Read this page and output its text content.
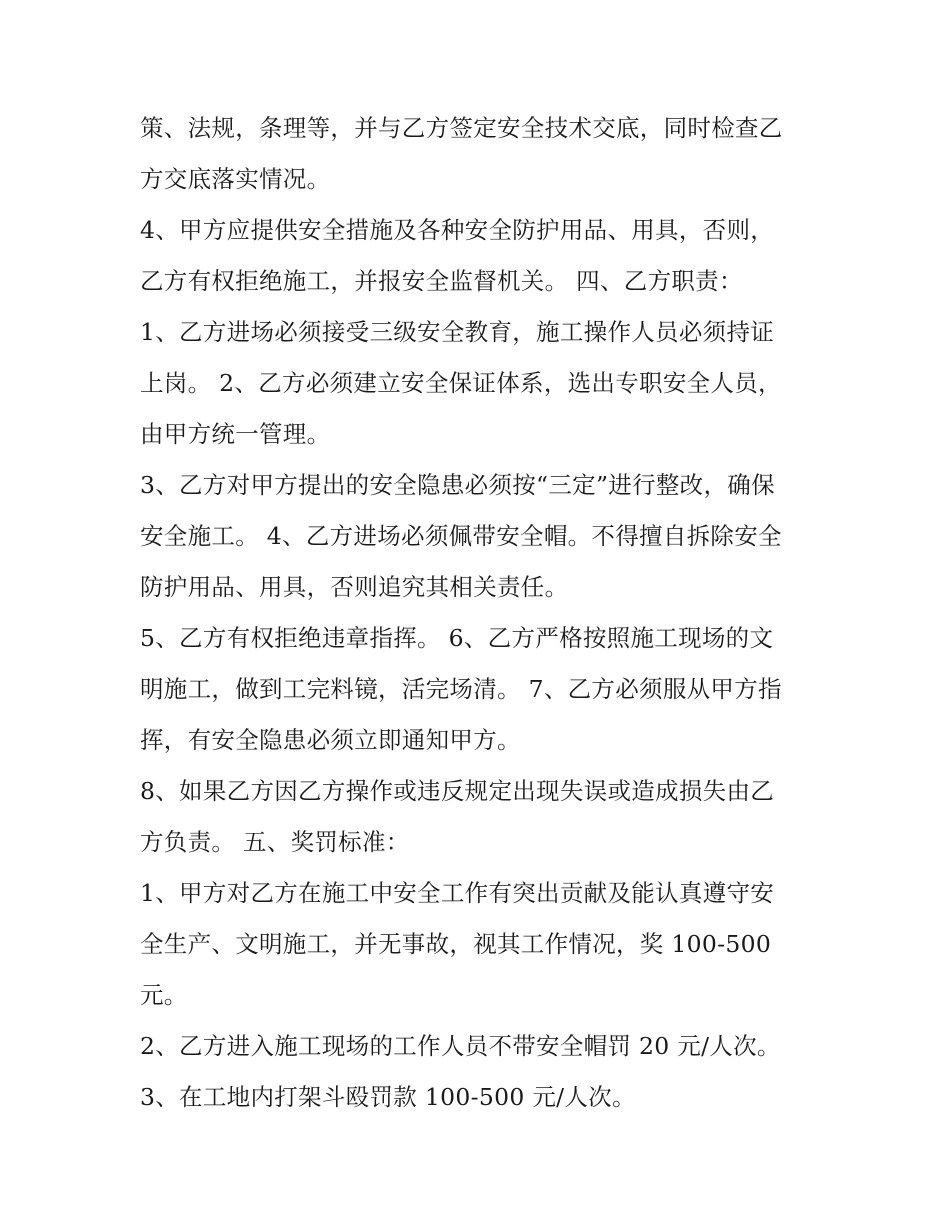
策、法规，条理等，并与乙方签定安全技术交底，同时检查乙
方交底落实情况。
4、甲方应提供安全措施及各种安全防护用品、用具，否则，
乙方有权拒绝施工，并报安全监督机关。 四、乙方职责：
1、乙方进场必须接受三级安全教育，施工操作人员必须持证
上岗。 2、乙方必须建立安全保证体系，选出专职安全人员，
由甲方统一管理。
3、乙方对甲方提出的安全隐患必须按“三定”进行整改，确保
安全施工。 4、乙方进场必须佩带安全帽。不得擅自拆除安全
防护用品、用具，否则追究其相关责任。
5、乙方有权拒绝违章指挥。 6、乙方严格按照施工现场的文
明施工，做到工完料镜，活完场清。 7、乙方必须服从甲方指
挥，有安全隐患必须立即通知甲方。
8、如果乙方因乙方操作或违反规定出现失误或造成损失由乙
方负责。 五、奖罚标准：
1、甲方对乙方在施工中安全工作有突出贡献及能认真遵守安
全生产、文明施工，并无事故，视其工作情况，奖 100-500
元。
2、乙方进入施工现场的工作人员不带安全帽罚 20 元/人次。
3、在工地内打架斗殴罚款 100-500 元/人次。
